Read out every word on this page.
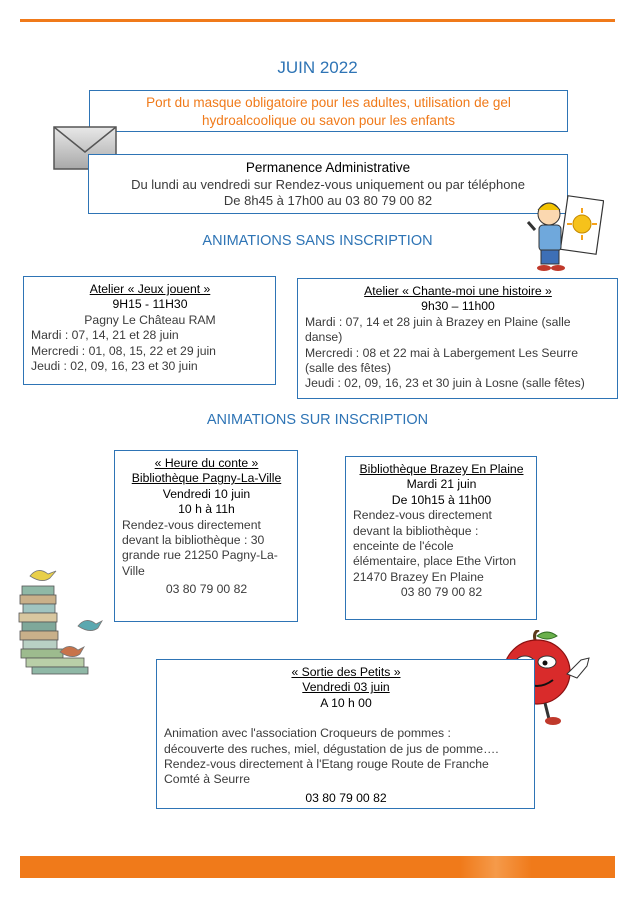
JUIN 2022
Port du masque obligatoire pour les adultes, utilisation de gel
hydroalcoolique ou savon pour les enfants
Permanence Administrative
Du lundi au vendredi sur Rendez-vous uniquement ou par téléphone
De 8h45 à 17h00 au 03 80 79 00 82
ANIMATIONS SANS INSCRIPTION
Atelier « Jeux jouent »
9H15 - 11H30
Pagny Le Château RAM
Mardi : 07, 14, 21 et 28 juin
Mercredi : 01, 08, 15, 22 et 29 juin
Jeudi : 02, 09, 16, 23 et 30 juin
Atelier « Chante-moi une histoire »
9h30 – 11h00
Mardi : 07, 14 et 28 juin à Brazey en Plaine (salle
danse)
Mercredi : 08 et 22 mai à Labergement Les Seurre
(salle des fêtes)
Jeudi : 02, 09, 16, 23 et 30 juin à Losne (salle fêtes)
ANIMATIONS SUR INSCRIPTION
« Heure du conte »
Bibliothèque Pagny-La-Ville
Vendredi 10 juin
10 h à 11h
Rendez-vous directement
devant la bibliothèque : 30
grande rue 21250 Pagny-La-
Ville
03 80 79 00 82
Bibliothèque Brazey En Plaine
Mardi 21 juin
De 10h15 à 11h00
Rendez-vous directement
devant la bibliothèque :
enceinte de l'école
élémentaire, place Ethe Virton
21470 Brazey En Plaine
03 80 79 00 82
« Sortie des Petits »
Vendredi 03 juin
A 10 h 00
Animation avec l'association Croqueurs de pommes :
découverte des ruches, miel, dégustation de jus de pomme….
Rendez-vous directement à l'Etang rouge Route de Franche
Comté à Seurre
03 80 79 00 82
